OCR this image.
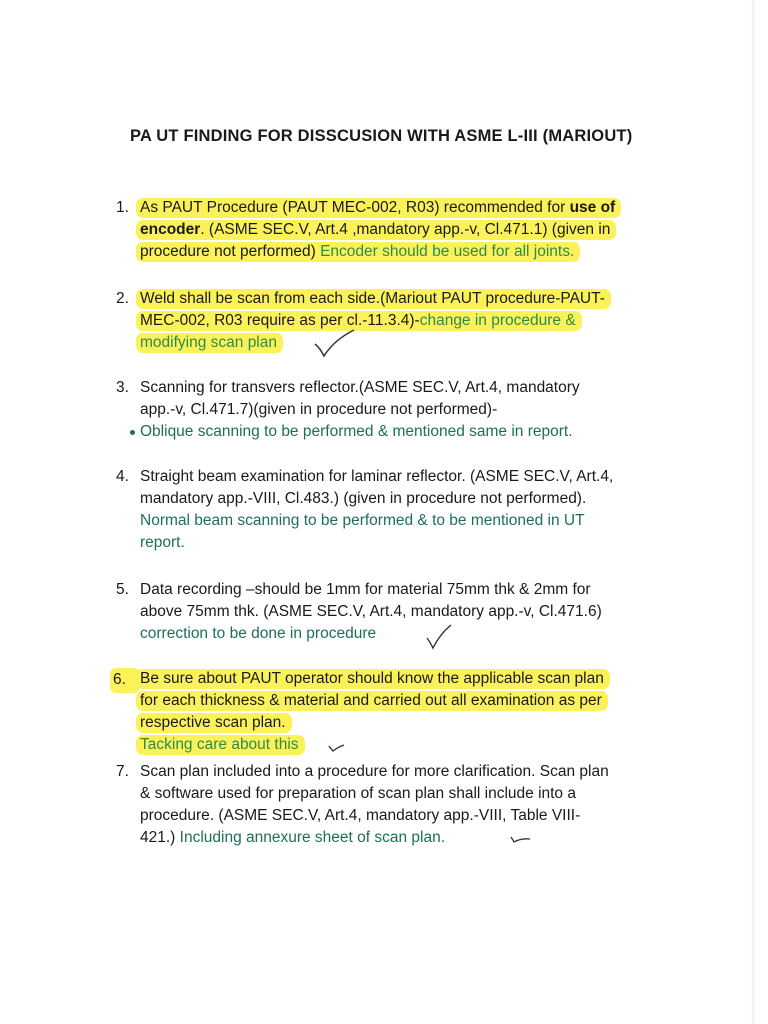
PA UT FINDING FOR DISSCUSION WITH ASME L-III (MARIOUT)
1. As PAUT Procedure (PAUT MEC-002, R03) recommended for use of
encoder. (ASME SEC.V, Art.4 ,mandatory app.-v, Cl.471.1) (given in
procedure not performed) Encoder should be used for all joints.
2. Weld shall be scan from each side.(Mariout PAUT procedure-PAUT-
MEC-002, R03 require as per cl.-11.3.4)-change in procedure &
modifying scan plan
3. Scanning for transvers reflector.(ASME SEC.V, Art.4, mandatory
app.-v, Cl.471.7)(given in procedure not performed)-
Oblique scanning to be performed & mentioned same in report.
4. Straight beam examination for laminar reflector. (ASME SEC.V, Art.4,
mandatory app.-VIII, Cl.483.) (given in procedure not performed).
Normal beam scanning to be performed & to be mentioned in UT
report.
5. Data recording –should be 1mm for material 75mm thk & 2mm for
above 75mm thk. (ASME SEC.V, Art.4, mandatory app.-v, Cl.471.6)
correction to be done in procedure
6. Be sure about PAUT operator should know the applicable scan plan
for each thickness & material and carried out all examination as per
respective scan plan.
Tacking care about this
7. Scan plan included into a procedure for more clarification. Scan plan
& software used for preparation of scan plan shall include into a
procedure. (ASME SEC.V, Art.4, mandatory app.-VIII, Table VIII-
421.) Including annexure sheet of scan plan.
